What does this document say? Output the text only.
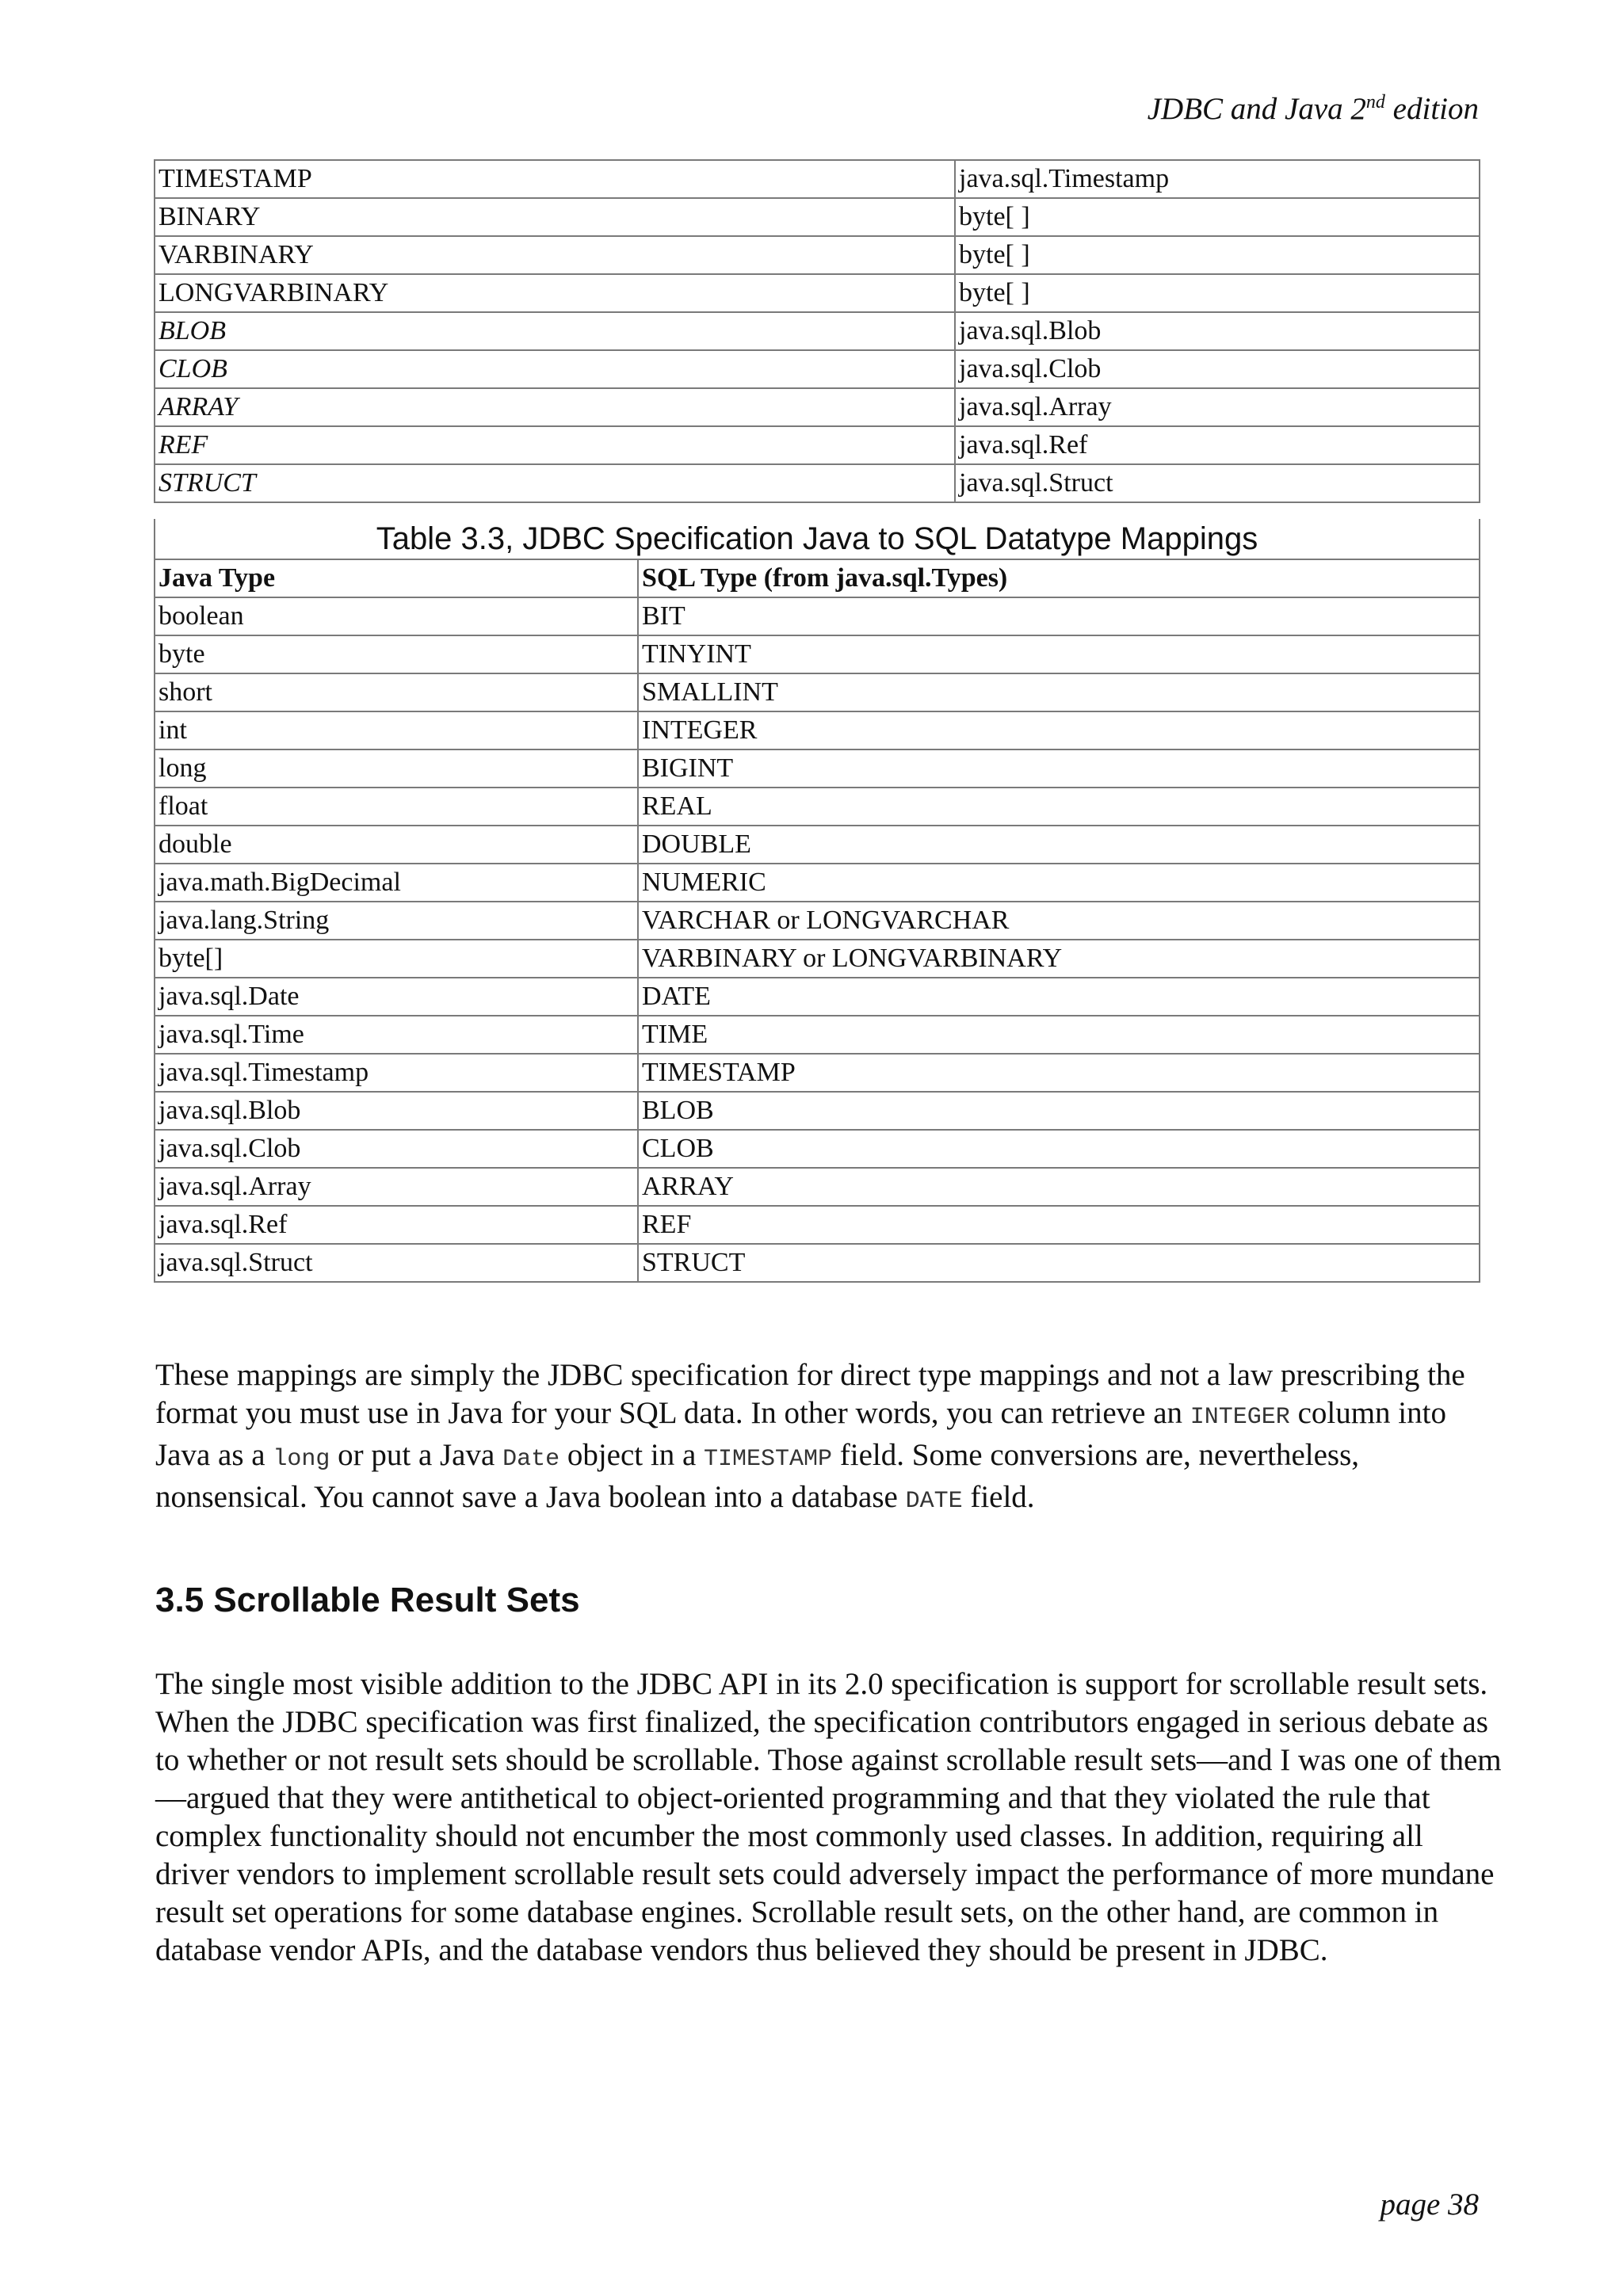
JDBC and Java 2nd edition
TIMESTAMP	java.sql.Timestamp
BINARY	byte[ ]
VARBINARY	byte[ ]
LONGVARBINARY	byte[ ]
BLOB	java.sql.Blob
CLOB	java.sql.Clob
ARRAY	java.sql.Array
REF	java.sql.Ref
STRUCT	java.sql.Struct
Table 3.3, JDBC Specification Java to SQL Datatype Mappings
Java Type	SQL Type (from java.sql.Types)
boolean	BIT
byte	TINYINT
short	SMALLINT
int	INTEGER
long	BIGINT
float	REAL
double	DOUBLE
java.math.BigDecimal	NUMERIC
java.lang.String	VARCHAR or LONGVARCHAR
byte[]	VARBINARY or LONGVARBINARY
java.sql.Date	DATE
java.sql.Time	TIME
java.sql.Timestamp	TIMESTAMP
java.sql.Blob	BLOB
java.sql.Clob	CLOB
java.sql.Array	ARRAY
java.sql.Ref	REF
java.sql.Struct	STRUCT

These mappings are simply the JDBC specification for direct type mappings and not a law prescribing the format you must use in Java for your SQL data. In other words, you can retrieve an INTEGER column into Java as a long or put a Java Date object in a TIMESTAMP field. Some conversions are, nevertheless, nonsensical. You cannot save a Java boolean into a database DATE field.

3.5 Scrollable Result Sets

The single most visible addition to the JDBC API in its 2.0 specification is support for scrollable result sets. When the JDBC specification was first finalized, the specification contributors engaged in serious debate as to whether or not result sets should be scrollable. Those against scrollable result sets—and I was one of them—argued that they were antithetical to object-oriented programming and that they violated the rule that complex functionality should not encumber the most commonly used classes. In addition, requiring all driver vendors to implement scrollable result sets could adversely impact the performance of more mundane result set operations for some database engines. Scrollable result sets, on the other hand, are common in database vendor APIs, and the database vendors thus believed they should be present in JDBC.

page 38
